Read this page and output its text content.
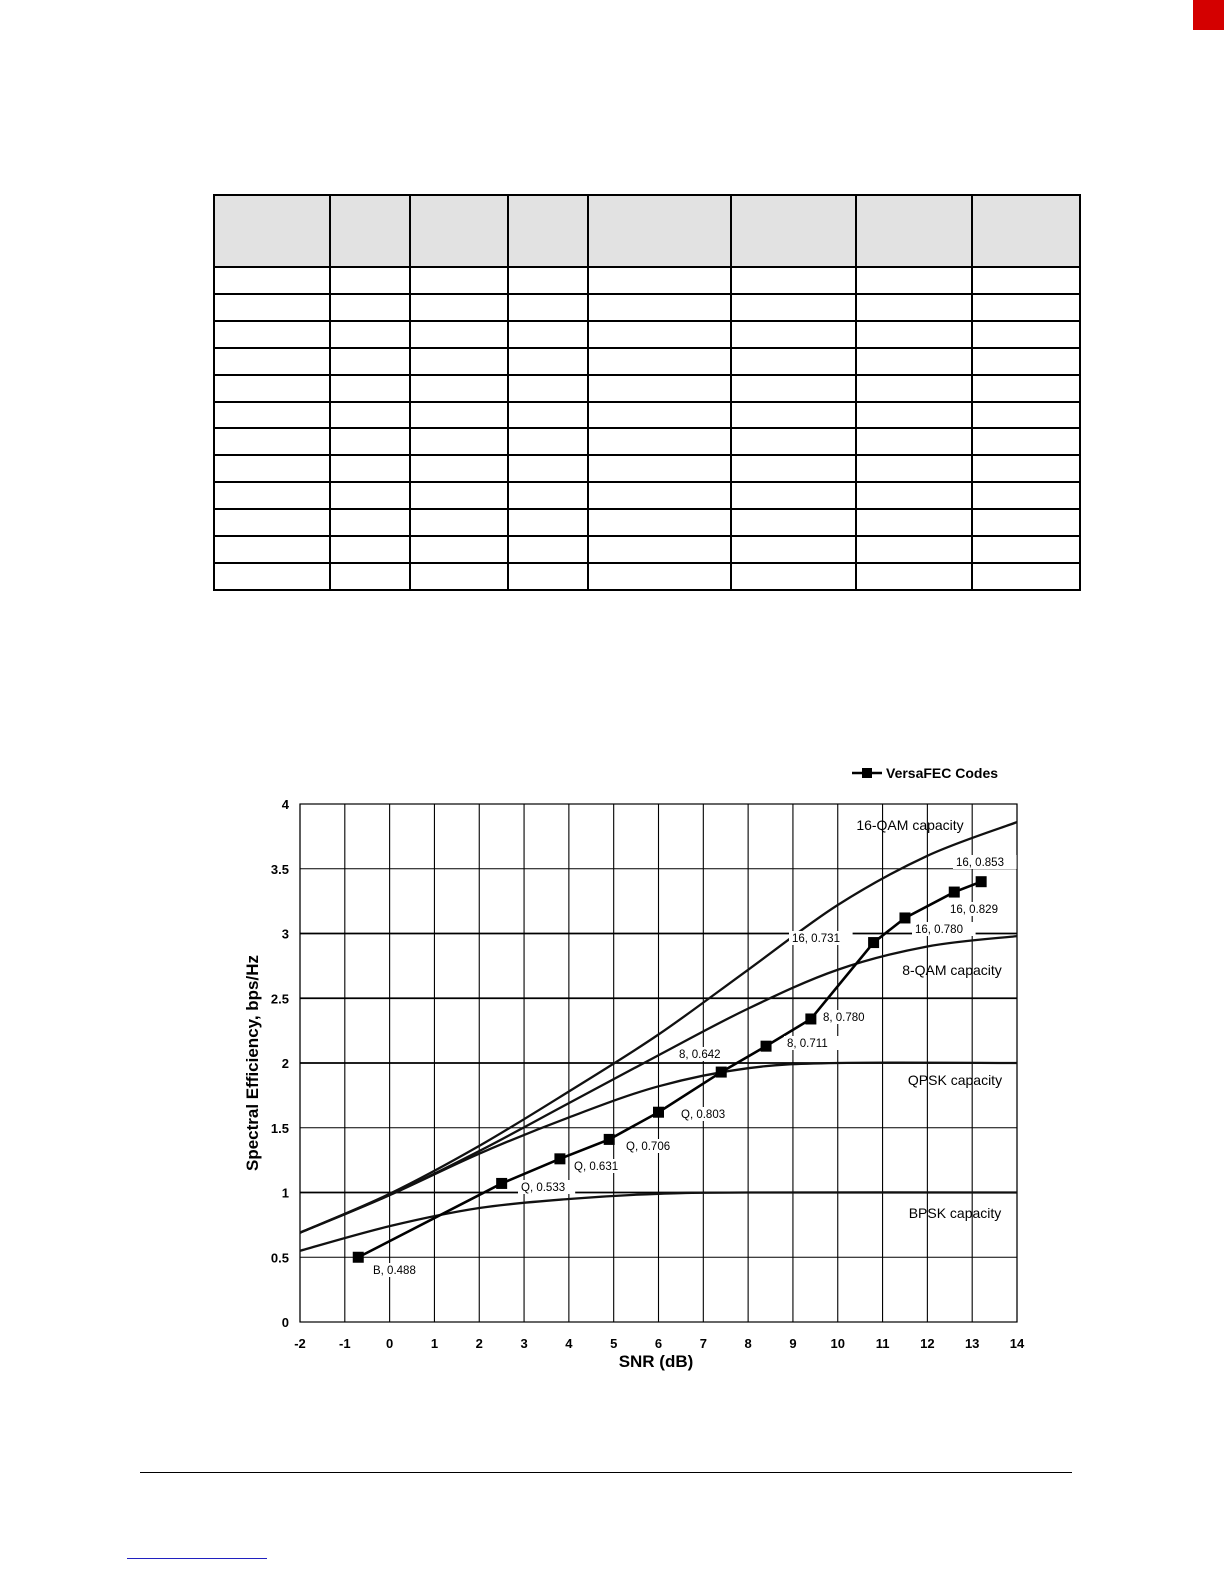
-2	-1	0	1	2	3	4	5	6	7	8	9	10 11 12 13 14
0
0.5
1
1.5
2
2.5
3
3.5
4
16-QAM capacity
8-QAM capacity
QPSK capacity
BPSK capacity
B, 0.488
Q, 0.533
Q, 0.631
Q, 0.706
Q, 0.803
8, 0.642
8, 0.711
8, 0.780
16, 0.731
16, 0.780
16, 0.829
16, 0.853
VersaFEC Codes
SNR (dB)
Spectral Efficiency, bps/Hz
